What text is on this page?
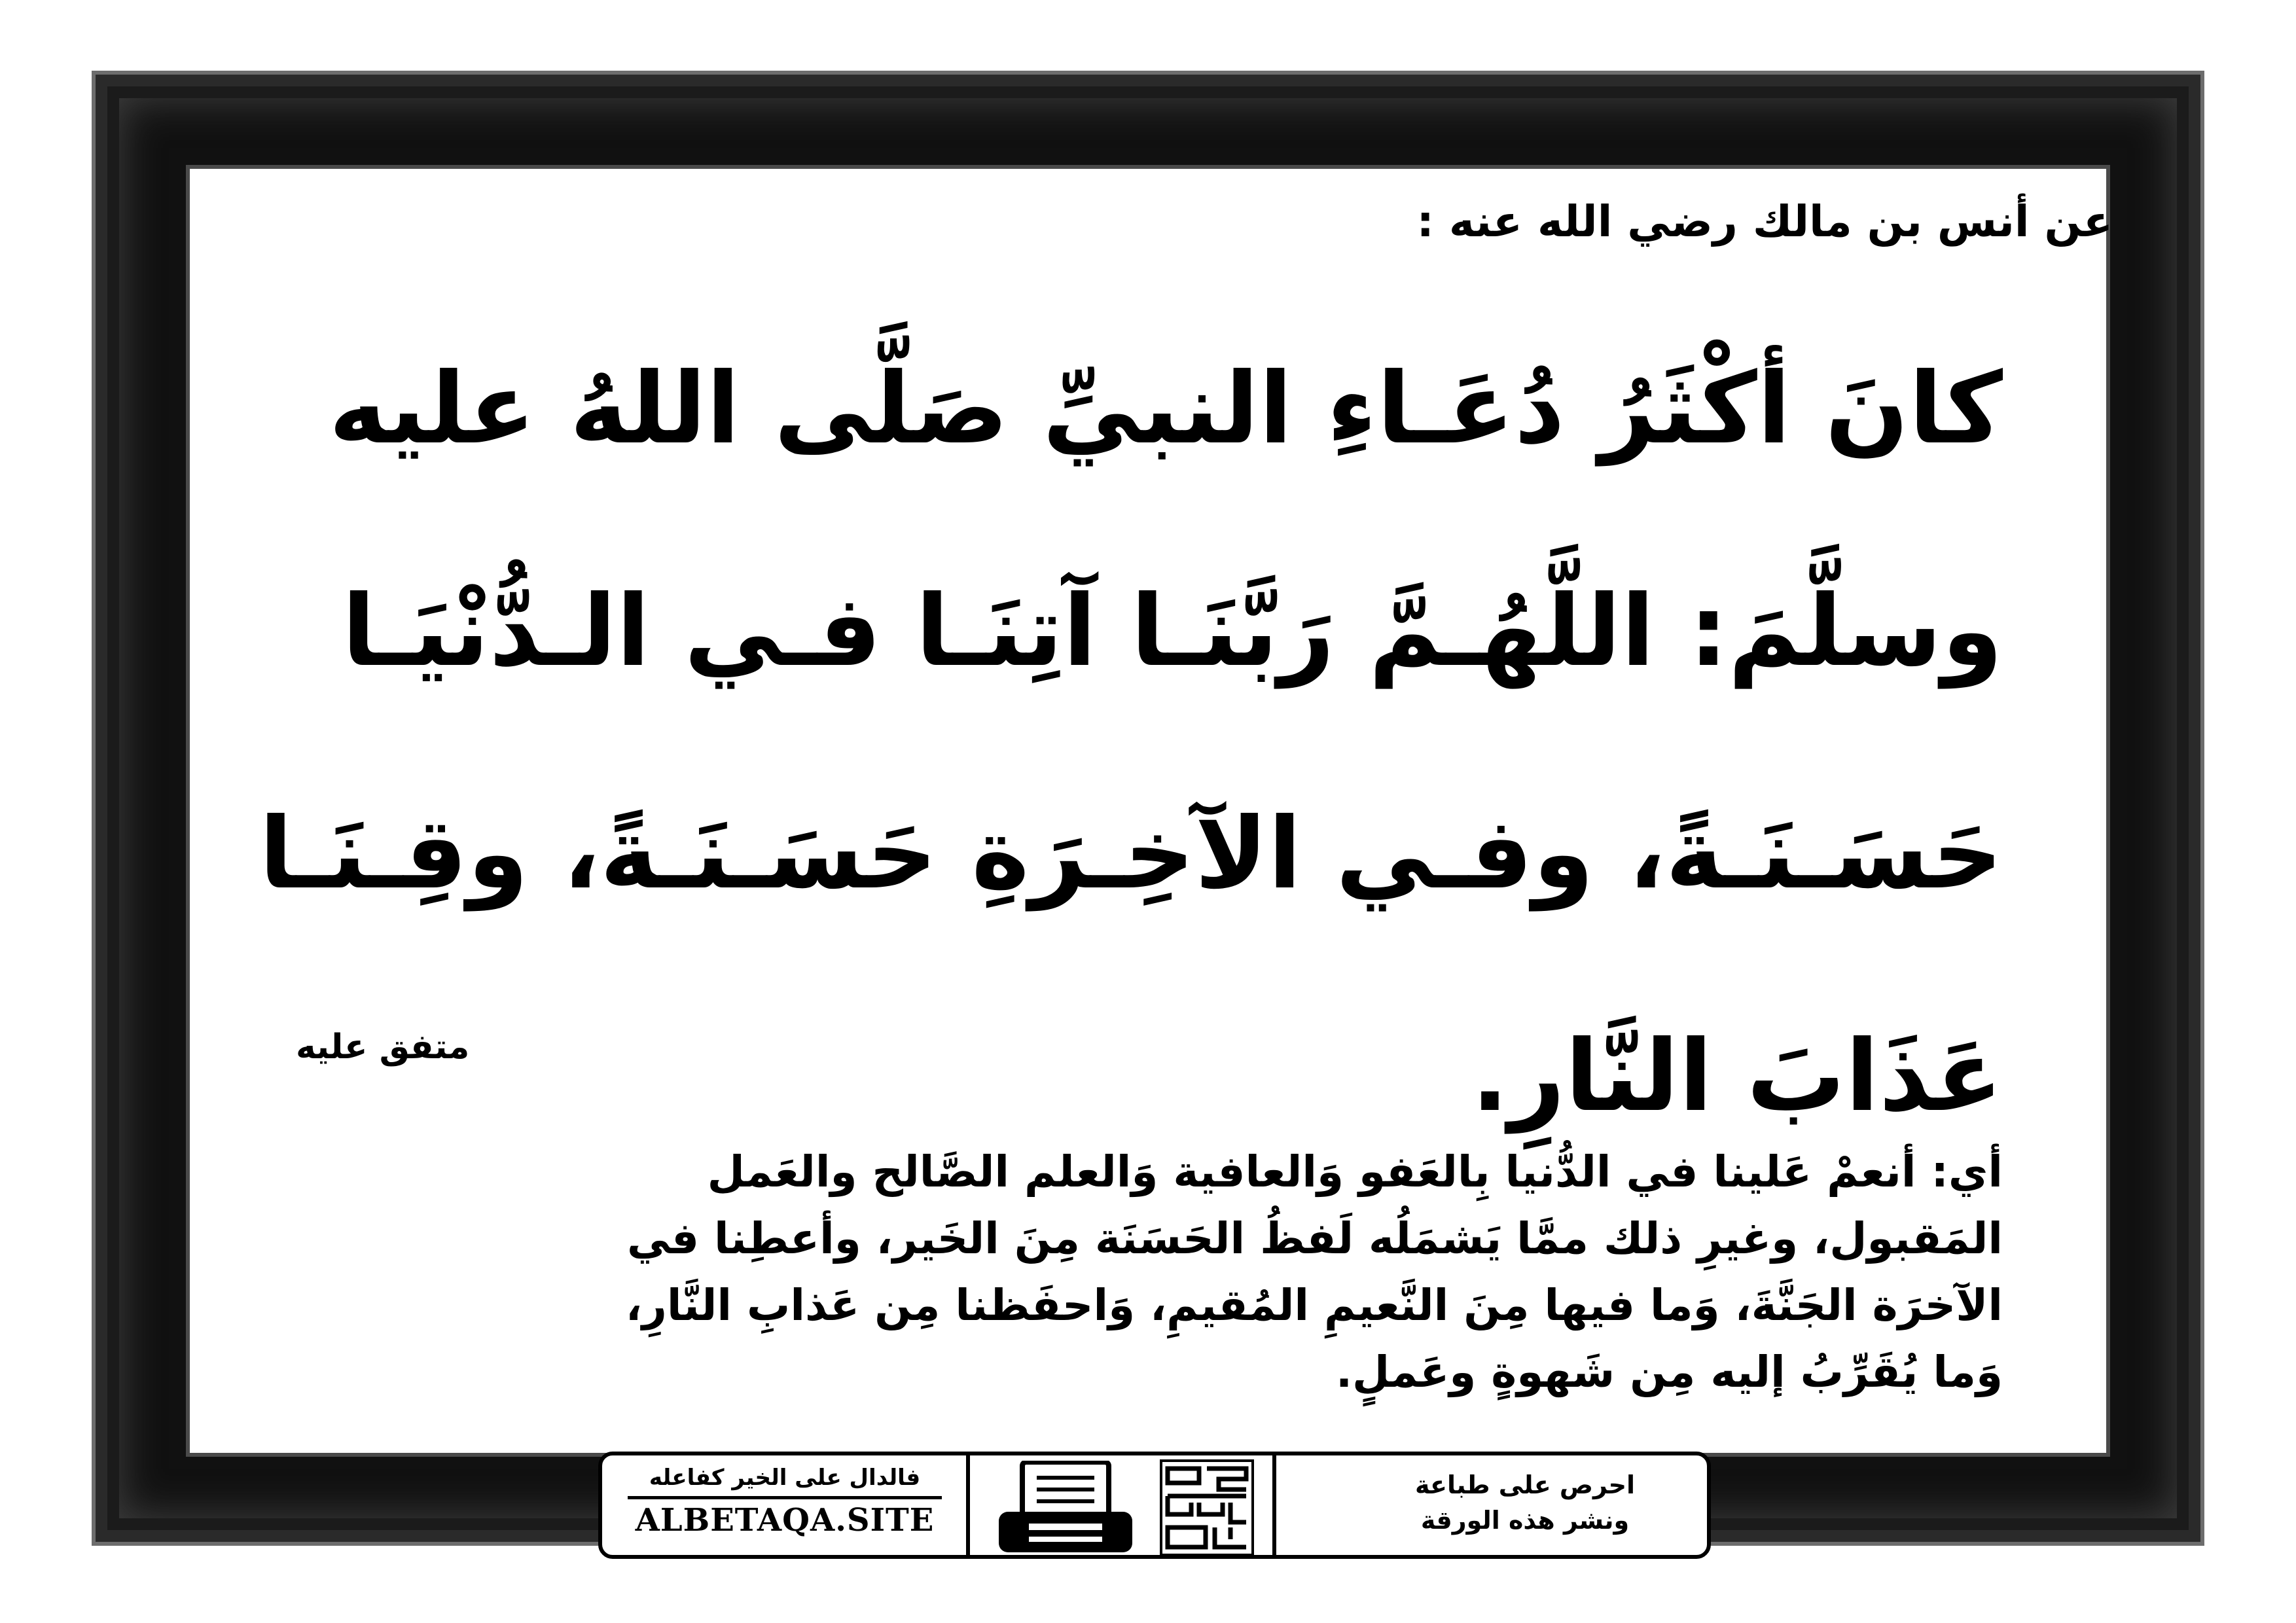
عن أنس بن مالك رضي الله عنه :
كانَ أكْثَرُ دُعَـاءِ النبيِّ صَلَّى اللهُ عليه
وسلَّمَ: اللَّهُـمَّ رَبَّنَـا آتِنَـا فـي الـدُّنْيَـا
حَسَـنَـةً، وفـي الآخِـرَةِ حَسَـنَـةً، وقِـنَـا
عَذَابَ النَّارِ.
متفق عليه
أي: أنعمْ عَلينا في الدُّنيا بِالعَفو وَالعافية وَالعلم الصَّالح والعَمل
المَقبول، وغيرِ ذلك ممَّا يَشمَلُه لَفظُ الحَسَنَة مِنَ الخَير، وأعطِنا في
الآخرَة الجَنَّةَ، وَما فيها مِنَ النَّعيمِ المُقيمِ، وَاحفَظنا مِن عَذابِ النَّارِ،
وَما يُقَرِّبُ إليه مِن شَهوةٍ وعَملٍ.
فالدال على الخير كفاعله
ALBETAQA.SITE
احرص على طباعة
ونشر هذه الورقة
